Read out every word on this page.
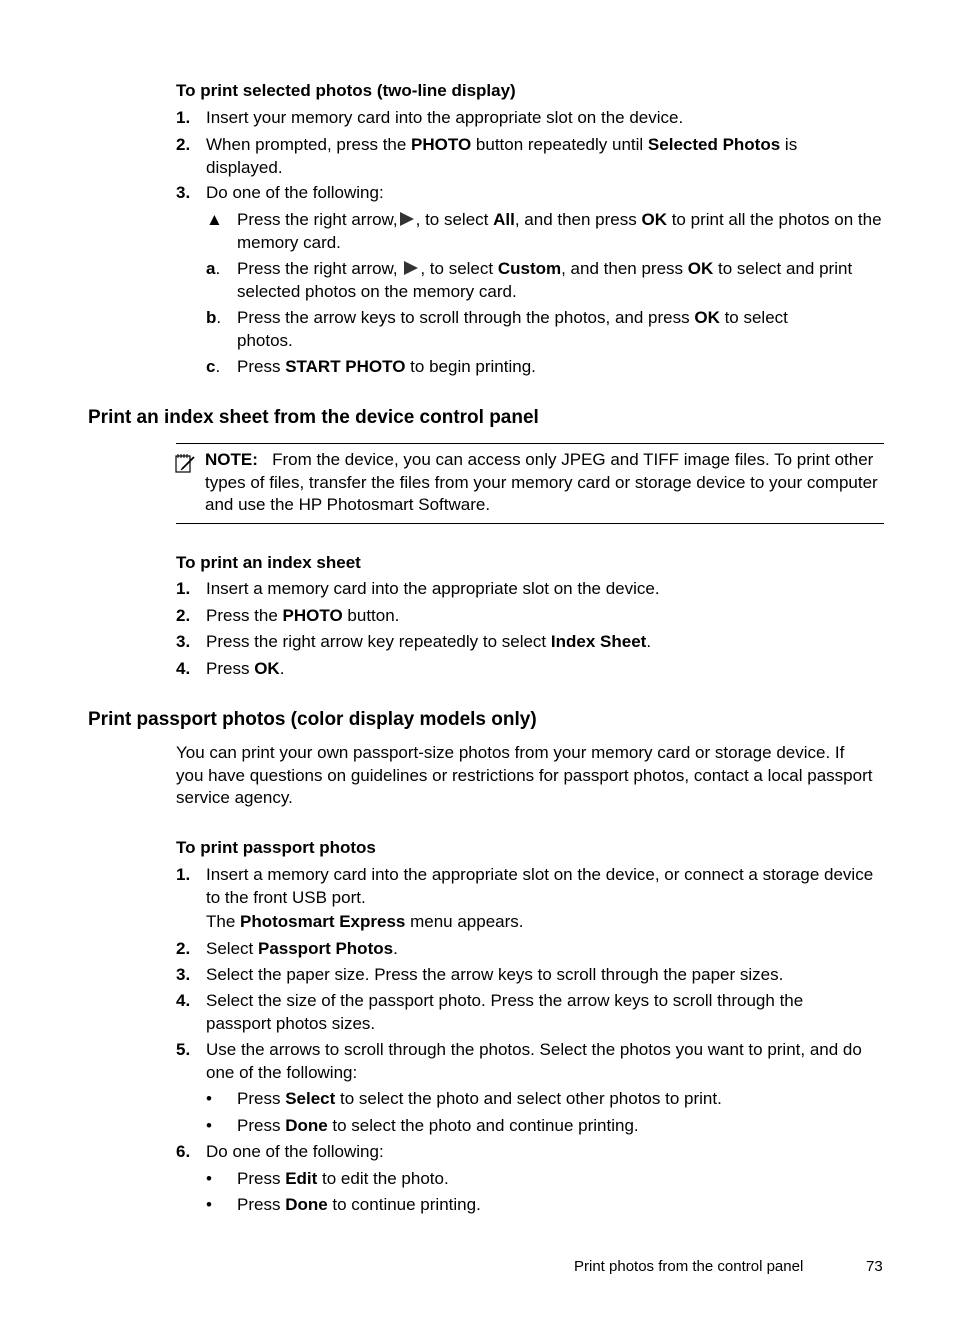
To print selected photos (two-line display)
1. Insert your memory card into the appropriate slot on the device.
2. When prompted, press the PHOTO button repeatedly until Selected Photos is displayed.
3. Do one of the following:
▲ Press the right arrow, , to select All, and then press OK to print all the photos on the memory card.
a. Press the right arrow, , to select Custom, and then press OK to select and print selected photos on the memory card.
b. Press the arrow keys to scroll through the photos, and press OK to select photos.
c. Press START PHOTO to begin printing.
Print an index sheet from the device control panel
NOTE: From the device, you can access only JPEG and TIFF image files. To print other types of files, transfer the files from your memory card or storage device to your computer and use the HP Photosmart Software.
To print an index sheet
1. Insert a memory card into the appropriate slot on the device.
2. Press the PHOTO button.
3. Press the right arrow key repeatedly to select Index Sheet.
4. Press OK.
Print passport photos (color display models only)
You can print your own passport-size photos from your memory card or storage device. If you have questions on guidelines or restrictions for passport photos, contact a local passport service agency.
To print passport photos
1. Insert a memory card into the appropriate slot on the device, or connect a storage device to the front USB port.
The Photosmart Express menu appears.
2. Select Passport Photos.
3. Select the paper size. Press the arrow keys to scroll through the paper sizes.
4. Select the size of the passport photo. Press the arrow keys to scroll through the passport photos sizes.
5. Use the arrows to scroll through the photos. Select the photos you want to print, and do one of the following:
• Press Select to select the photo and select other photos to print.
• Press Done to select the photo and continue printing.
6. Do one of the following:
• Press Edit to edit the photo.
• Press Done to continue printing.
Print photos from the control panel	73
